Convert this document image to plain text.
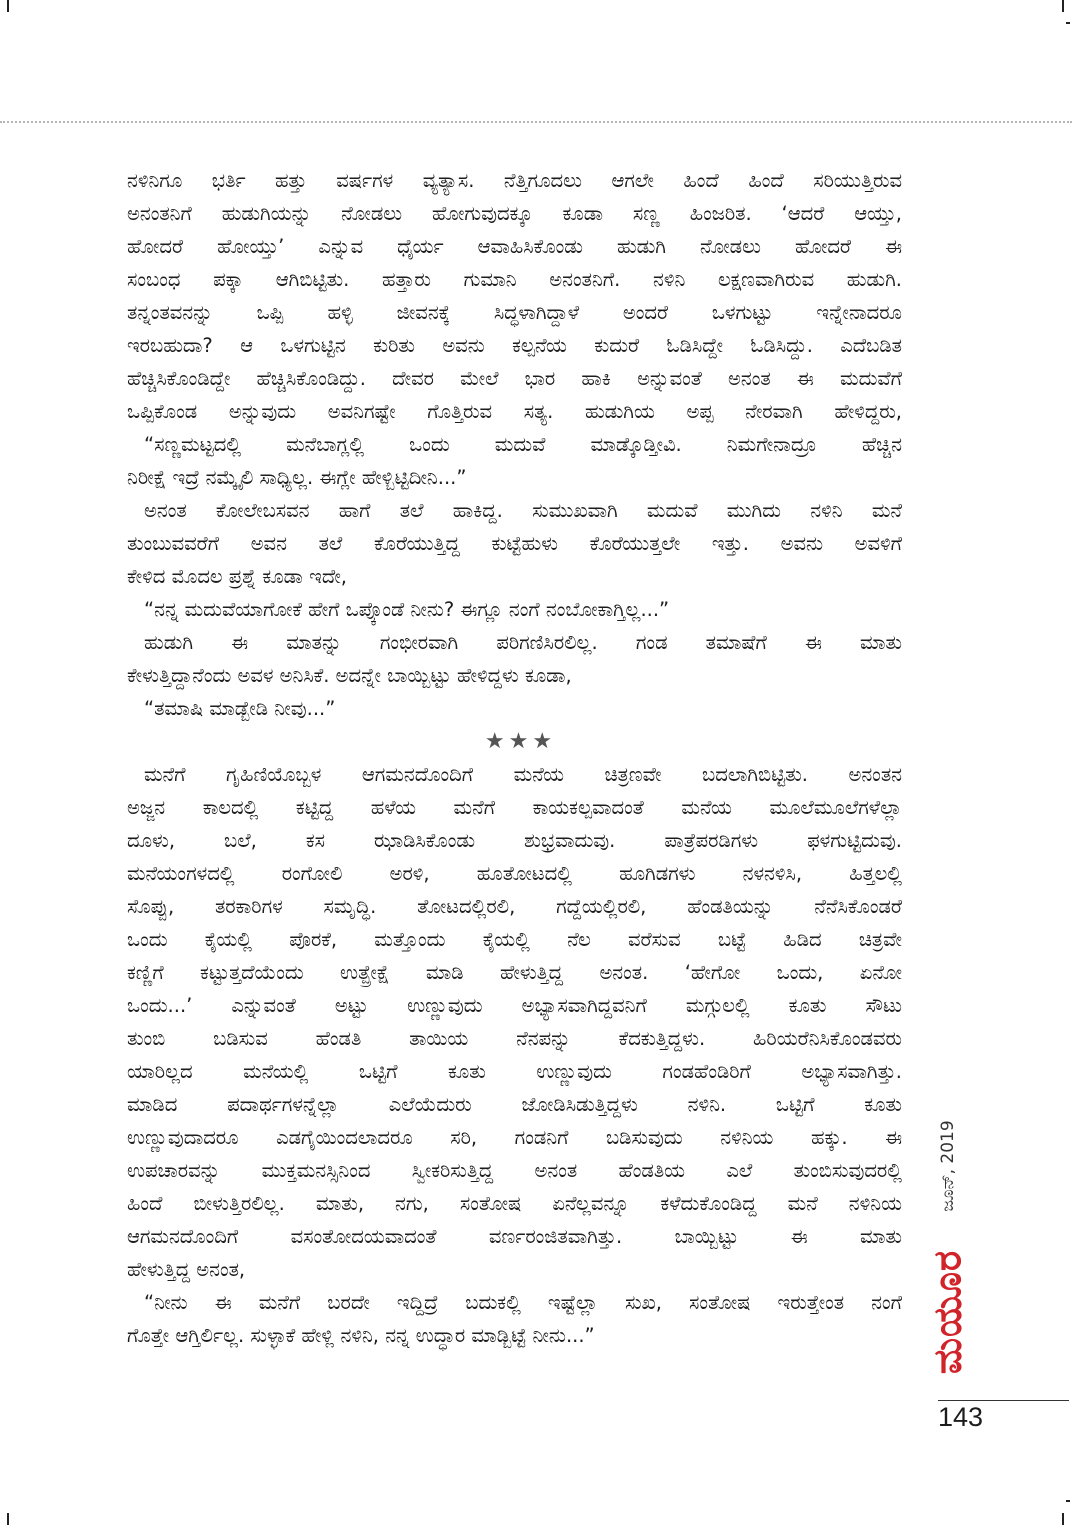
ನಳಿನಿಗೂ ಭರ್ತಿ ಹತ್ತು ವರ್ಷಗಳ ವ್ಯತ್ಯಾಸ. ನೆತ್ತಿಗೂದಲು ಆಗಲೇ ಹಿಂದೆ ಹಿಂದೆ ಸರಿಯುತ್ತಿರುವ
ಅನಂತನಿಗೆ ಹುಡುಗಿಯನ್ನು ನೋಡಲು ಹೋಗುವುದಕ್ಕೂ ಕೂಡಾ ಸಣ್ಣ ಹಿಂಜರಿತ. ‘ಆದರೆ ಆಯ್ತು,
ಹೋದರೆ ಹೋಯ್ತು’ ಎನ್ನುವ ಧೈರ್ಯ ಆವಾಹಿಸಿಕೊಂಡು ಹುಡುಗಿ ನೋಡಲು ಹೋದರೆ ಈ
ಸಂಬಂಧ ಪಕ್ಕಾ ಆಗಿಬಿಟ್ಟಿತು. ಹತ್ತಾರು ಗುಮಾನಿ ಅನಂತನಿಗೆ. ನಳಿನಿ ಲಕ್ಷಣವಾಗಿರುವ ಹುಡುಗಿ.
ತನ್ನಂತವನನ್ನು ಒಪ್ಪಿ ಹಳ್ಳಿ ಜೀವನಕ್ಕೆ ಸಿದ್ಧಳಾಗಿದ್ದಾಳೆ ಅಂದರೆ ಒಳಗುಟ್ಟು ಇನ್ನೇನಾದರೂ
ಇರಬಹುದಾ? ಆ ಒಳಗುಟ್ಟಿನ ಕುರಿತು ಅವನು ಕಲ್ಪನೆಯ ಕುದುರೆ ಓಡಿಸಿದ್ದೇ ಓಡಿಸಿದ್ದು. ಎದೆಬಡಿತ
ಹೆಚ್ಚಿಸಿಕೊಂಡಿದ್ದೇ ಹೆಚ್ಚಿಸಿಕೊಂಡಿದ್ದು. ದೇವರ ಮೇಲೆ ಭಾರ ಹಾಕಿ ಅನ್ನುವಂತೆ ಅನಂತ ಈ ಮದುವೆಗೆ
ಒಪ್ಪಿಕೊಂಡ ಅನ್ನುವುದು ಅವನಿಗಷ್ಟೇ ಗೊತ್ತಿರುವ ಸತ್ಯ. ಹುಡುಗಿಯ ಅಪ್ಪ ನೇರವಾಗಿ ಹೇಳಿದ್ದರು,
“ಸಣ್ಣಮಟ್ಟದಲ್ಲಿ ಮನೆಬಾಗ್ಲಲ್ಲಿ ಒಂದು ಮದುವೆ ಮಾಡ್ಕೊಡ್ತೀವಿ. ನಿಮಗೇನಾದ್ರೂ ಹೆಚ್ಚಿನ
ನಿರೀಕ್ಷೆ ಇದ್ರೆ ನಮ್ಕೈಲಿ ಸಾಧ್ಯಿಲ್ಲ. ಈಗ್ಲೇ ಹೇಳ್ಬಿಟ್ಟಿದೀನಿ...”
ಅನಂತ ಕೋಲೇಬಸವನ ಹಾಗೆ ತಲೆ ಹಾಕಿದ್ದ. ಸುಮುಖವಾಗಿ ಮದುವೆ ಮುಗಿದು ನಳಿನಿ ಮನೆ
ತುಂಬುವವರೆಗೆ ಅವನ ತಲೆ ಕೊರೆಯುತ್ತಿದ್ದ ಕುಟ್ಟೆಹುಳು ಕೊರೆಯುತ್ತಲೇ ಇತ್ತು. ಅವನು ಅವಳಿಗೆ
ಕೇಳಿದ ಮೊದಲ ಪ್ರಶ್ನೆ ಕೂಡಾ ಇದೇ,
“ನನ್ನ ಮದುವೆಯಾಗೋಕೆ ಹೇಗೆ ಒಪ್ಕೊಂಡೆ ನೀನು? ಈಗ್ಲೂ ನಂಗೆ ನಂಬೋಕಾಗ್ತಿಲ್ಲ...”
ಹುಡುಗಿ ಈ ಮಾತನ್ನು ಗಂಭೀರವಾಗಿ ಪರಿಗಣಿಸಿರಲಿಲ್ಲ. ಗಂಡ ತಮಾಷೆಗೆ ಈ ಮಾತು
ಕೇಳುತ್ತಿದ್ದಾನೆಂದು ಅವಳ ಅನಿಸಿಕೆ. ಅದನ್ನೇ ಬಾಯ್ಬಿಟ್ಟು ಹೇಳಿದ್ದಳು ಕೂಡಾ,
“ತಮಾಷಿ ಮಾಡ್ಬೇಡಿ ನೀವು...”
★★★
ಮನೆಗೆ ಗೃಹಿಣಿಯೊಬ್ಬಳ ಆಗಮನದೊಂದಿಗೆ ಮನೆಯ ಚಿತ್ರಣವೇ ಬದಲಾಗಿಬಿಟ್ಟಿತು. ಅನಂತನ
ಅಜ್ಜನ ಕಾಲದಲ್ಲಿ ಕಟ್ಟಿದ್ದ ಹಳೆಯ ಮನೆಗೆ ಕಾಯಕಲ್ಪವಾದಂತೆ ಮನೆಯ ಮೂಲೆಮೂಲೆಗಳೆಲ್ಲಾ
ದೂಳು, ಬಲೆ, ಕಸ ಝಾಡಿಸಿಕೊಂಡು ಶುಭ್ರವಾದುವು. ಪಾತ್ರೆಪರಡಿಗಳು ಫಳಗುಟ್ಟಿದುವು.
ಮನೆಯಂಗಳದಲ್ಲಿ ರಂಗೋಲಿ ಅರಳಿ, ಹೂತೋಟದಲ್ಲಿ ಹೂಗಿಡಗಳು ನಳನಳಿಸಿ, ಹಿತ್ತಲಲ್ಲಿ
ಸೊಪ್ಪು, ತರಕಾರಿಗಳ ಸಮೃದ್ಧಿ. ತೋಟದಲ್ಲಿರಲಿ, ಗದ್ದೆಯಲ್ಲಿರಲಿ, ಹೆಂಡತಿಯನ್ನು ನೆನೆಸಿಕೊಂಡರೆ
ಒಂದು ಕೈಯಲ್ಲಿ ಪೊರಕೆ, ಮತ್ತೊಂದು ಕೈಯಲ್ಲಿ ನೆಲ ವರೆಸುವ ಬಟ್ಟೆ ಹಿಡಿದ ಚಿತ್ರವೇ
ಕಣ್ಣಿಗೆ ಕಟ್ಟುತ್ತದೆಯೆಂದು ಉತ್ಪ್ರೇಕ್ಷೆ ಮಾಡಿ ಹೇಳುತ್ತಿದ್ದ ಅನಂತ. ‘ಹೇಗೋ ಒಂದು, ಏನೋ
ಒಂದು...’ ಎನ್ನುವಂತೆ ಅಟ್ಟು ಉಣ್ಣುವುದು ಅಭ್ಯಾಸವಾಗಿದ್ದವನಿಗೆ ಮಗ್ಗುಲಲ್ಲಿ ಕೂತು ಸೌಟು
ತುಂಬಿ ಬಡಿಸುವ ಹೆಂಡತಿ ತಾಯಿಯ ನೆನಪನ್ನು ಕೆದಕುತ್ತಿದ್ದಳು. ಹಿರಿಯರೆನಿಸಿಕೊಂಡವರು
ಯಾರಿಲ್ಲದ ಮನೆಯಲ್ಲಿ ಒಟ್ಟಿಗೆ ಕೂತು ಉಣ್ಣುವುದು ಗಂಡಹೆಂಡಿರಿಗೆ ಅಭ್ಯಾಸವಾಗಿತ್ತು.
ಮಾಡಿದ ಪದಾರ್ಥಗಳನ್ನೆಲ್ಲಾ ಎಲೆಯೆದುರು ಜೋಡಿಸಿಡುತ್ತಿದ್ದಳು ನಳಿನಿ. ಒಟ್ಟಿಗೆ ಕೂತು
ಉಣ್ಣುವುದಾದರೂ ಎಡಗೈಯಿಂದಲಾದರೂ ಸರಿ, ಗಂಡನಿಗೆ ಬಡಿಸುವುದು ನಳಿನಿಯ ಹಕ್ಕು. ಈ
ಉಪಚಾರವನ್ನು ಮುಕ್ತಮನಸ್ಸಿನಿಂದ ಸ್ವೀಕರಿಸುತ್ತಿದ್ದ ಅನಂತ ಹೆಂಡತಿಯ ಎಲೆ ತುಂಬಿಸುವುದರಲ್ಲಿ
ಹಿಂದೆ ಬೀಳುತ್ತಿರಲಿಲ್ಲ. ಮಾತು, ನಗು, ಸಂತೋಷ ಏನೆಲ್ಲವನ್ನೂ ಕಳೆದುಕೊಂಡಿದ್ದ ಮನೆ ನಳಿನಿಯ
ಆಗಮನದೊಂದಿಗೆ ವಸಂತೋದಯವಾದಂತೆ ವರ್ಣರಂಜಿತವಾಗಿತ್ತು. ಬಾಯ್ಬಿಟ್ಟು ಈ ಮಾತು
ಹೇಳುತ್ತಿದ್ದ ಅನಂತ,
“ನೀನು ಈ ಮನೆಗೆ ಬರದೇ ಇದ್ದಿದ್ರೆ ಬದುಕಲ್ಲಿ ಇಷ್ಟೆಲ್ಲಾ ಸುಖ, ಸಂತೋಷ ಇರುತ್ತೇಂತ ನಂಗೆ
ಗೊತ್ತೇ ಆಗ್ತಿರ್ಲಿಲ್ಲ. ಸುಳ್ಳಾಕೆ ಹೇಳ್ಲಿ ನಳಿನಿ, ನನ್ನ ಉದ್ಧಾರ ಮಾಡ್ಬಿಟ್ಟೆ ನೀನು...”
ಜೂನ್, 2019
ಮಯೂರ
143
